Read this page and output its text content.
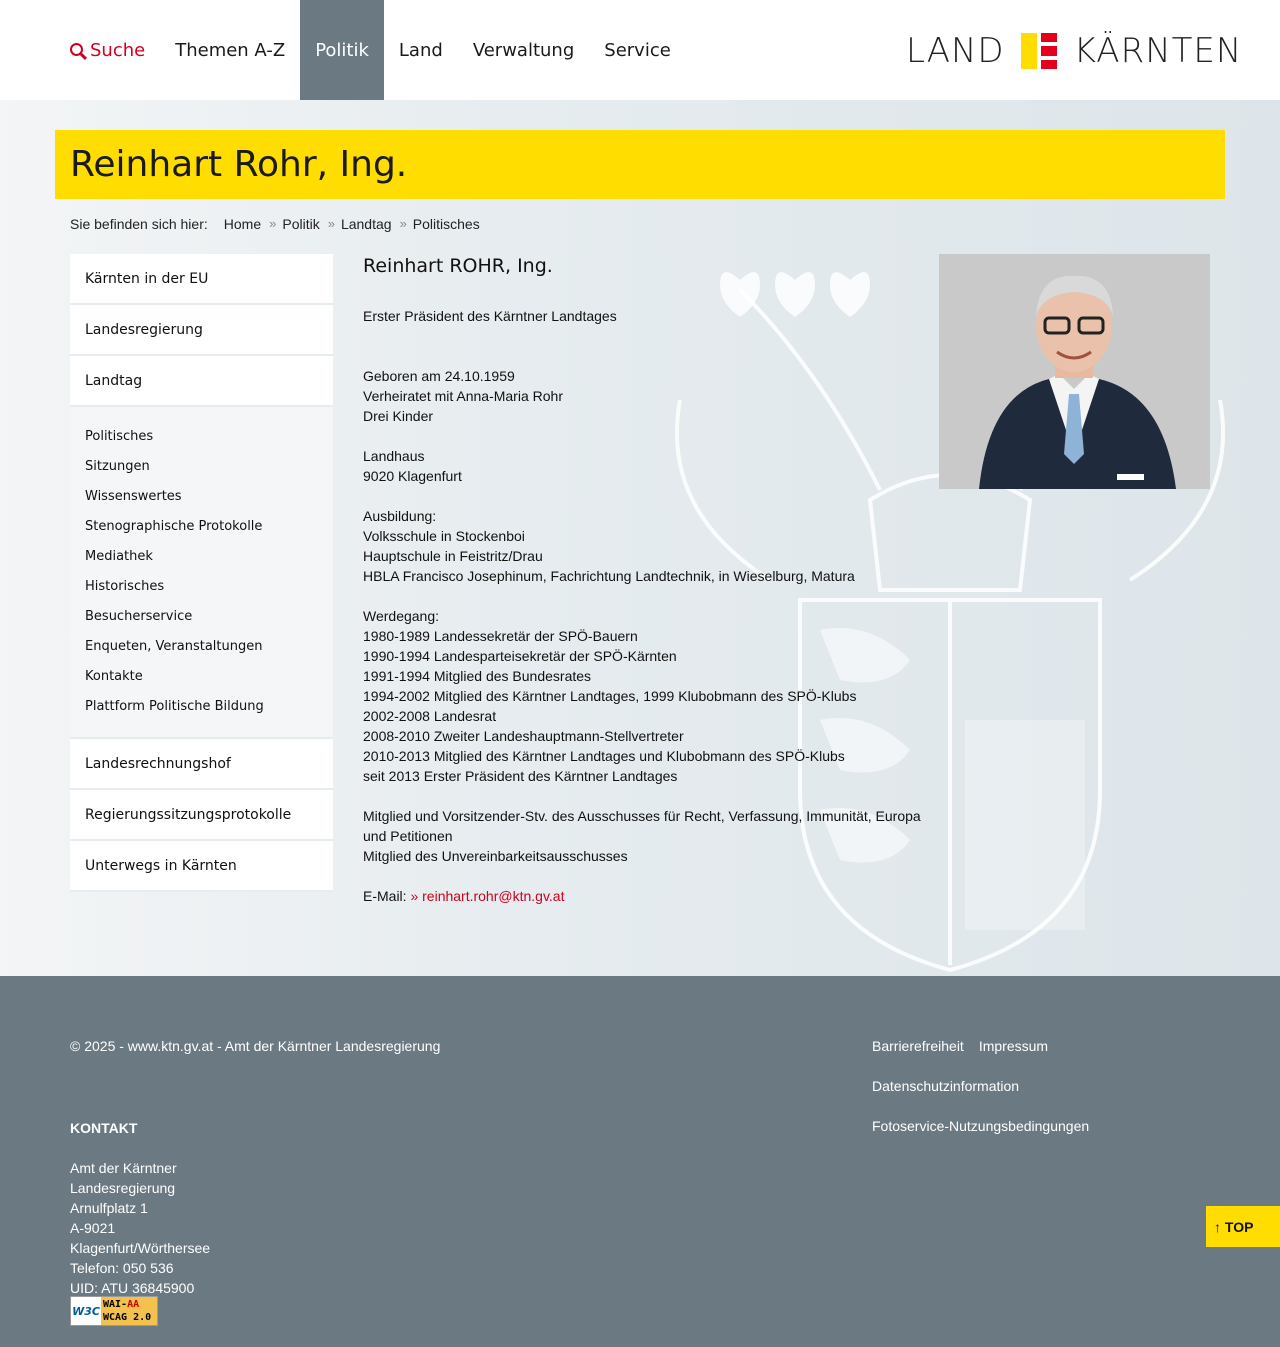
Suche	Themen A-Z	Politik	Land	Verwaltung	Service	LAND KÄRNTEN
Reinhart Rohr, Ing.
Sie befinden sich hier: Home » Politik » Landtag » Politisches
Kärnten in der EU
Landesregierung
Landtag
Politisches
Sitzungen
Wissenswertes
Stenographische Protokolle
Mediathek
Historisches
Besucherservice
Enqueten, Veranstaltungen
Kontakte
Plattform Politische Bildung
Landesrechnungshof
Regierungssitzungsprotokolle
Unterwegs in Kärnten
Reinhart ROHR, Ing.

Erster Präsident des Kärntner Landtages

Geboren am 24.10.1959
Verheiratet mit Anna-Maria Rohr
Drei Kinder

Landhaus
9020 Klagenfurt

Ausbildung:
Volksschule in Stockenboi
Hauptschule in Feistritz/Drau
HBLA Francisco Josephinum, Fachrichtung Landtechnik, in Wieselburg, Matura

Werdegang:
1980-1989 Landessekretär der SPÖ-Bauern
1990-1994 Landesparteisekretär der SPÖ-Kärnten
1991-1994 Mitglied des Bundesrates
1994-2002 Mitglied des Kärntner Landtages, 1999 Klubobmann des SPÖ-Klubs
2002-2008 Landesrat
2008-2010 Zweiter Landeshauptmann-Stellvertreter
2010-2013 Mitglied des Kärntner Landtages und Klubobmann des SPÖ-Klubs
seit 2013 Erster Präsident des Kärntner Landtages

Mitglied und Vorsitzender-Stv. des Ausschusses für Recht, Verfassung, Immunität, Europa und Petitionen
Mitglied des Unvereinbarkeitsausschusses

E-Mail: » reinhart.rohr@ktn.gv.at

© 2025 - www.ktn.gv.at - Amt der Kärntner Landesregierung	Barrierefreiheit Impressum
Datenschutzinformation
Fotoservice-Nutzungsbedingungen
KONTAKT
Amt der Kärntner
Landesregierung
Arnulfplatz 1
A-9021
Klagenfurt/Wörthersee
Telefon: 050 536
UID: ATU 36845900
W3C WAI-AA
WCAG 2.0
↑ TOP
